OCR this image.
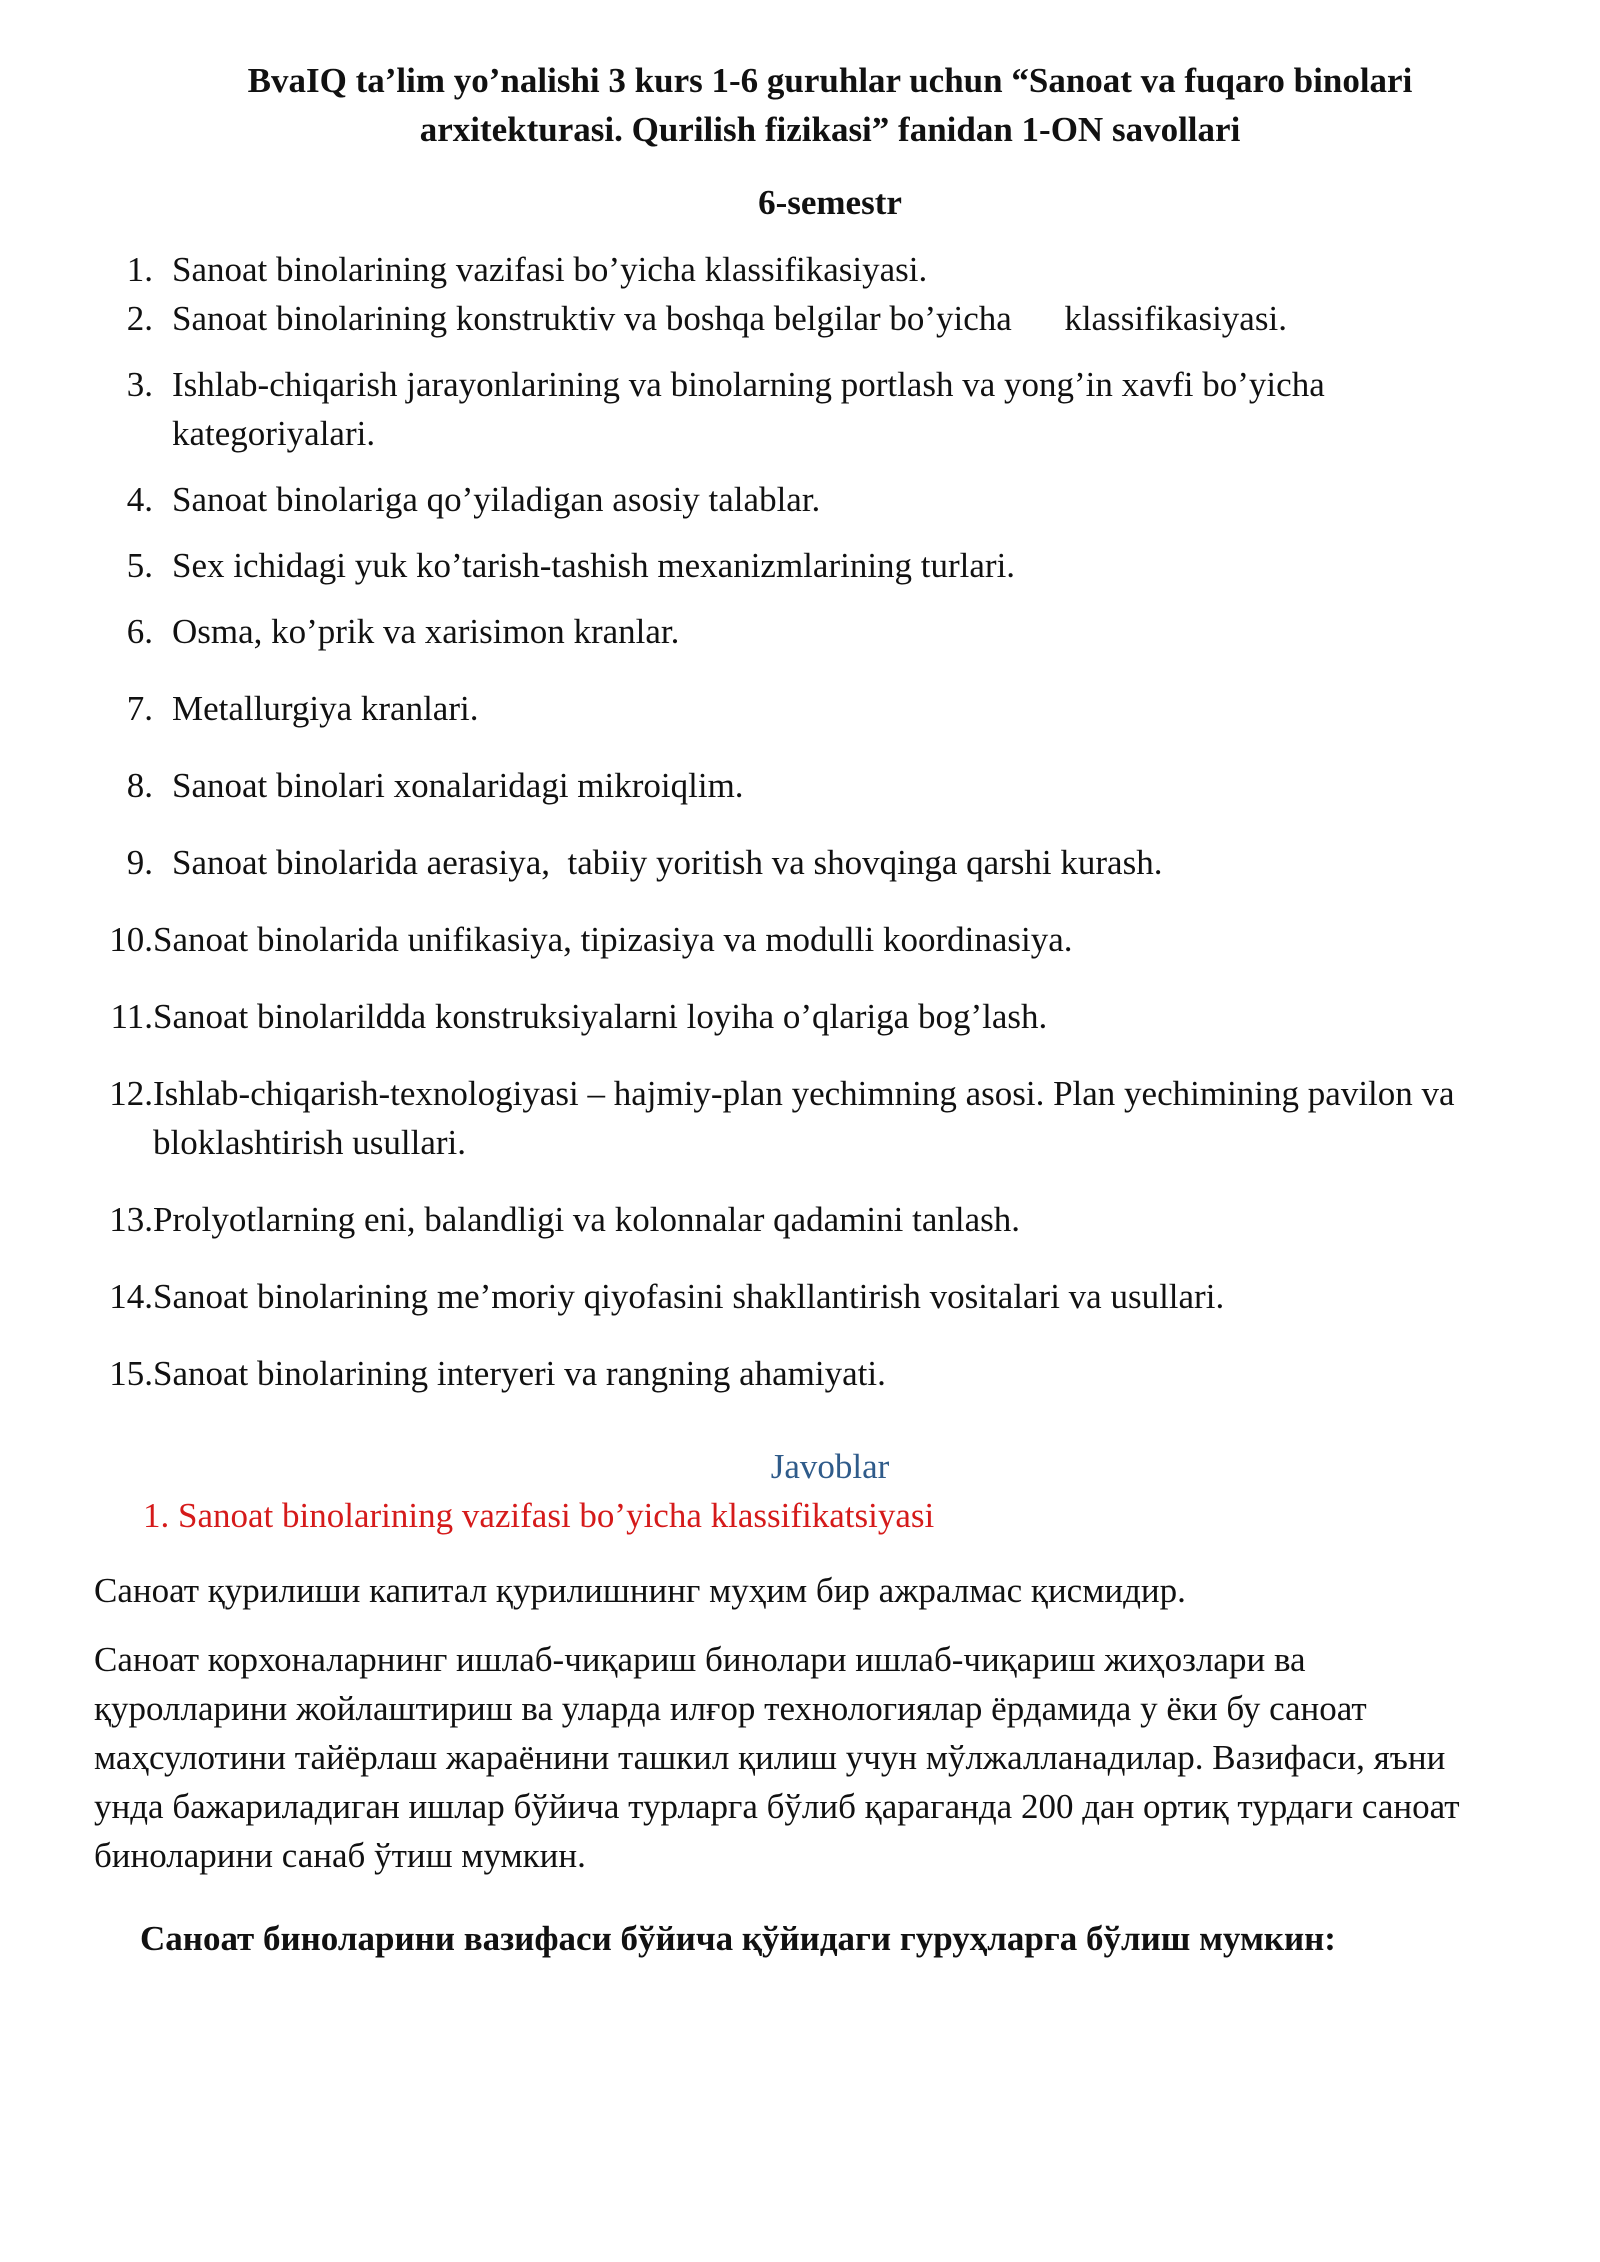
BvaIQ ta’lim yo’nalishi 3 kurs 1-6 guruhlar uchun “Sanoat va fuqaro binolari
arxitekturasi. Qurilish fizikasi” fanidan 1-ON savollari
6-semestr
1. Sanoat binolarining vazifasi bo’yicha klassifikasiyasi.
2. Sanoat binolarining konstruktiv va boshqa belgilar bo’yicha      klassifikasiyasi.
3. Ishlab-chiqarish jarayonlarining va binolarning portlash va yong’in xavfi bo’yicha kategoriyalari.
4. Sanoat binolariga qo’yiladigan asosiy talablar.
5. Sex ichidagi yuk ko’tarish-tashish mexanizmlarining turlari.
6. Osma, ko’prik va xarisimon kranlar.
7. Metallurgiya kranlari.
8. Sanoat binolari xonalaridagi mikroiqlim.
9. Sanoat binolarida aerasiya,  tabiiy yoritish va shovqinga qarshi kurash.
10. Sanoat binolarida unifikasiya, tipizasiya va modulli koordinasiya.
11. Sanoat binolarildda konstruksiyalarni loyiha o’qlariga bog’lash.
12. Ishlab-chiqarish-texnologiyasi – hajmiy-plan yechimning asosi. Plan yechimining pavilon va bloklashtirish usullari.
13. Prolyotlarning eni, balandligi va kolonnalar qadamini tanlash.
14. Sanoat binolarining me’moriy qiyofasini shakllantirish vositalari va usullari.
15. Sanoat binolarining interyeri va rangning ahamiyati.
Javoblar
1. Sanoat binolarining vazifasi bo’yicha klassifikatsiyasi

Саноат қурилиши капитал қурилишнинг муҳим бир ажралмас қисмидир.

Саноат корхоналарнинг ишлаб-чиқариш бинолари ишлаб-чиқариш жиҳозлари ва қуролларини жойлаштириш ва уларда илғор технологиялар ёрдамида у ёки бу саноат маҳсулотини тайёрлаш жараёнини ташкил қилиш учун мўлжалланадилар. Вазифаси, яъни унда бажариладиган ишлар бўйича турларга бўлиб қараганда 200 дан ортиқ турдаги саноат биноларини санаб ўтиш мумкин.

Саноат биноларини вазифаси бўйича қўйидаги гуруҳларга бўлиш мумкин:
